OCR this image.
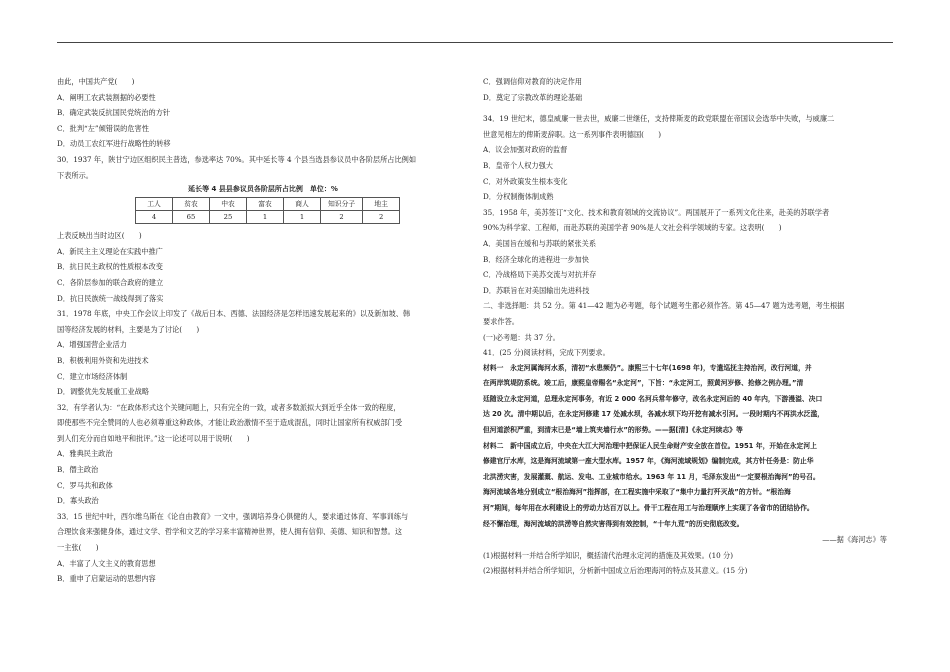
由此，中国共产党(　　)
A．阐明工农武装割据的必要性
B．确定武装反抗国民党统治的方针
C．批判“左”倾错误的危害性
D．动员工农红军进行战略性的转移
30．1937 年，陕甘宁边区组织民主普选，参选率达 70%。其中延长等 4 个县当选县参议员中各阶层所占比例如
下表所示。
延长等 4 县县参议员各阶层所占比例　单位：%
工人	贫农	中农	富农	商人	知识分子	地主
4	65	25	1	1	2	2
上表反映出当时边区(　　)
A．新民主主义理论在实践中推广
B．抗日民主政权的性质根本改变
C．各阶层参加的联合政府的建立
D．抗日民族统一战线得到了落实
31．1978 年底，中央工作会议上印发了《战后日本、西德、法国经济是怎样迅速发展起来的》以及新加坡、韩
国等经济发展的材料，主要是为了讨论(　　)
A．增强国营企业活力
B．积极利用外资和先进技术
C．建立市场经济体制
D．调整优先发展重工业战略
32．有学者认为：“在政体形式这个关键问题上，只有完全的一致，或者多数派拟大到近乎全体一致的程度，
即使那些不完全赞同的人也必须尊重这种政体，才能让政治激情不至于造成混乱，同时让国家所有权威部门受
到人们充分而自如地平和批评。”这一论述可以用于说明(　　)
A．雅典民主政治
B．僭主政治
C．罗马共和政体
D．寡头政治
33．15 世纪中叶，西尔维乌斯在《论自由教育》一文中，强调培养身心俱健的人，要求通过体育、军事训练与
合理饮食来强健身体，通过文学、哲学和文艺的学习来丰富精神世界，使人拥有信仰、美德、知识和智慧。这
一主张(　　)
A．丰富了人文主义的教育思想
B．重申了启蒙运动的思想内容
C．强调信仰对教育的决定作用
D．奠定了宗教改革的理论基础
34．19 世纪末，德皇威廉一世去世，威廉二世继任，支持俾斯麦的政党联盟在帝国议会选举中失败，与威廉二
世意见相左的俾斯麦辞职。这一系列事件表明德国(　　)
A．议会加强对政府的监督
B．皇帝个人权力强大
C．对外政策发生根本变化
D．分权制衡体制成熟
35．1958 年，美苏签订“文化、技术和教育领域的交流协议”。两国展开了一系列文化往来，赴美的苏联学者
90%为科学家、工程师，而赴苏联的美国学者 90%是人文社会科学领域的专家。这表明(　　)
A．美国旨在缓和与苏联的紧张关系
B．经济全球化的进程进一步加快
C．冷战格局下美苏交流与对抗并存
D．苏联旨在对美国输出先进科技
二、非选择题：共 52 分。第 41—42 题为必考题，每个试题考生都必须作答。第 45—47 题为选考题，考生根据
要求作答。
(一)必考题：共 37 分。
41．(25 分)阅读材料，完成下列要求。
材料一　永定河属海河水系，清初“水患频仍”。康熙三十七年(1698 年)，专遣巡抚主持治河，改行河道，并
在两岸筑堤防系统。竣工后，康熙皇帝赐名“永定河”，下旨：“永定河工，照黄河岁修、抢修之例办理。”清
廷随设立永定河道，总理永定河事务，有近 2 000 名河兵常年修守，改名永定河后的 40 年内，下游漫溢、决口
达 20 次。清中期以后，在永定河修建 17 处减水坝，各减水坝下均开挖有减水引河。一段时期内不再洪水泛滥，
但河道淤积严重，到清末已是“墙上筑夹墙行水”的形势。——据[清]《永定河续志》等
材料二　新中国成立后，中央在大江大河治理中把保证人民生命财产安全放在首位。1951 年，开始在永定河上
修建官厅水库，这是海河流域第一座大型水库。1957 年，《海河流域规划》编制完成，其方针任务是：防止华
北洪涝灾害，发展灌溉、航运、发电、工业城市给水。1963 年 11 月，毛泽东发出“一定要根治海河”的号召。
海河流域各地分别成立“根治海河”指挥部，在工程实施中采取了“集中力量打歼灭战”的方针。“根治海
河”期间，每年用在水利建设上的劳动力达百万以上。骨干工程在用工与治理顺序上实现了各省市的团结协作。
经不懈治理，海河流域的洪涝等自然灾害得到有效控制，“十年九荒”的历史彻底改变。
——据《海河志》等
(1)根据材料一并结合所学知识，概括清代治理永定河的措施及其效果。(10 分)
(2)根据材料并结合所学知识，分析新中国成立后治理海河的特点及其意义。(15 分)
